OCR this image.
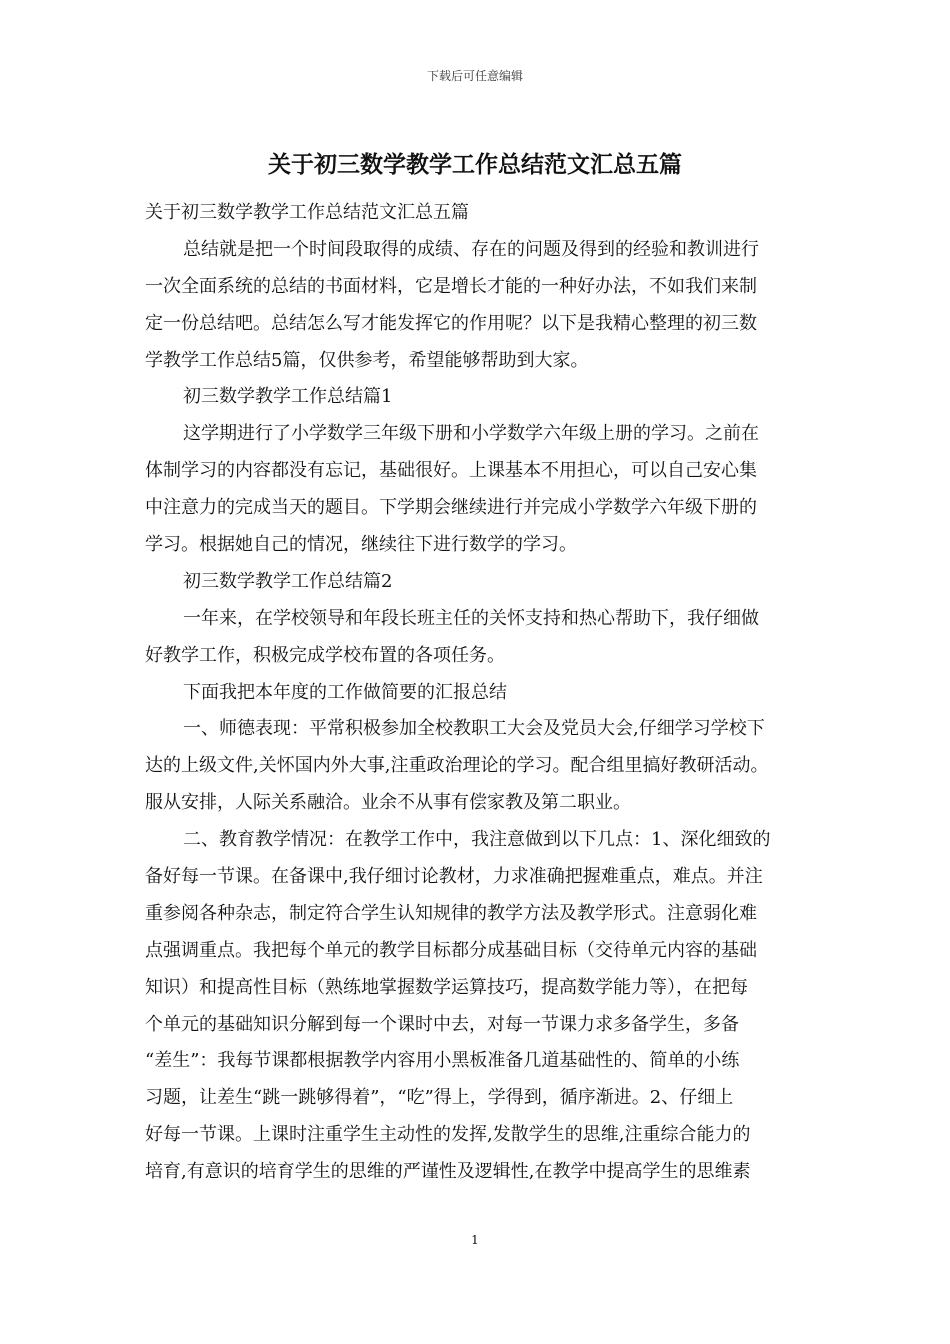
下载后可任意编辑
关于初三数学教学工作总结范文汇总五篇
关于初三数学教学工作总结范文汇总五篇
总结就是把一个时间段取得的成绩、存在的问题及得到的经验和教训进行
一次全面系统的总结的书面材料，它是增长才能的一种好办法，不如我们来制
定一份总结吧。总结怎么写才能发挥它的作用呢？以下是我精心整理的初三数
学教学工作总结5篇，仅供参考，希望能够帮助到大家。
初三数学教学工作总结篇1
这学期进行了小学数学三年级下册和小学数学六年级上册的学习。之前在
体制学习的内容都没有忘记，基础很好。上课基本不用担心，可以自己安心集
中注意力的完成当天的题目。下学期会继续进行并完成小学数学六年级下册的
学习。根据她自己的情况，继续往下进行数学的学习。
初三数学教学工作总结篇2
一年来，在学校领导和年段长班主任的关怀支持和热心帮助下，我仔细做
好教学工作，积极完成学校布置的各项任务。
下面我把本年度的工作做简要的汇报总结
一、师德表现：平常积极参加全校教职工大会及党员大会,仔细学习学校下
达的上级文件,关怀国内外大事,注重政治理论的学习。配合组里搞好教研活动。
服从安排，人际关系融洽。业余不从事有偿家教及第二职业。
二、教育教学情况：在教学工作中，我注意做到以下几点：1、深化细致的
备好每一节课。在备课中,我仔细讨论教材，力求准确把握难重点，难点。并注
重参阅各种杂志，制定符合学生认知规律的教学方法及教学形式。注意弱化难
点强调重点。我把每个单元的教学目标都分成基础目标（交待单元内容的基础
知识）和提高性目标（熟练地掌握数学运算技巧，提高数学能力等），在把每
个单元的基础知识分解到每一个课时中去，对每一节课力求多备学生，多备
“差生”：我每节课都根据教学内容用小黑板准备几道基础性的、简单的小练
习题，让差生“跳一跳够得着”，“吃”得上，学得到，循序渐进。2、仔细上
好每一节课。上课时注重学生主动性的发挥,发散学生的思维,注重综合能力的
培育,有意识的培育学生的思维的严谨性及逻辑性,在教学中提高学生的思维素
1
